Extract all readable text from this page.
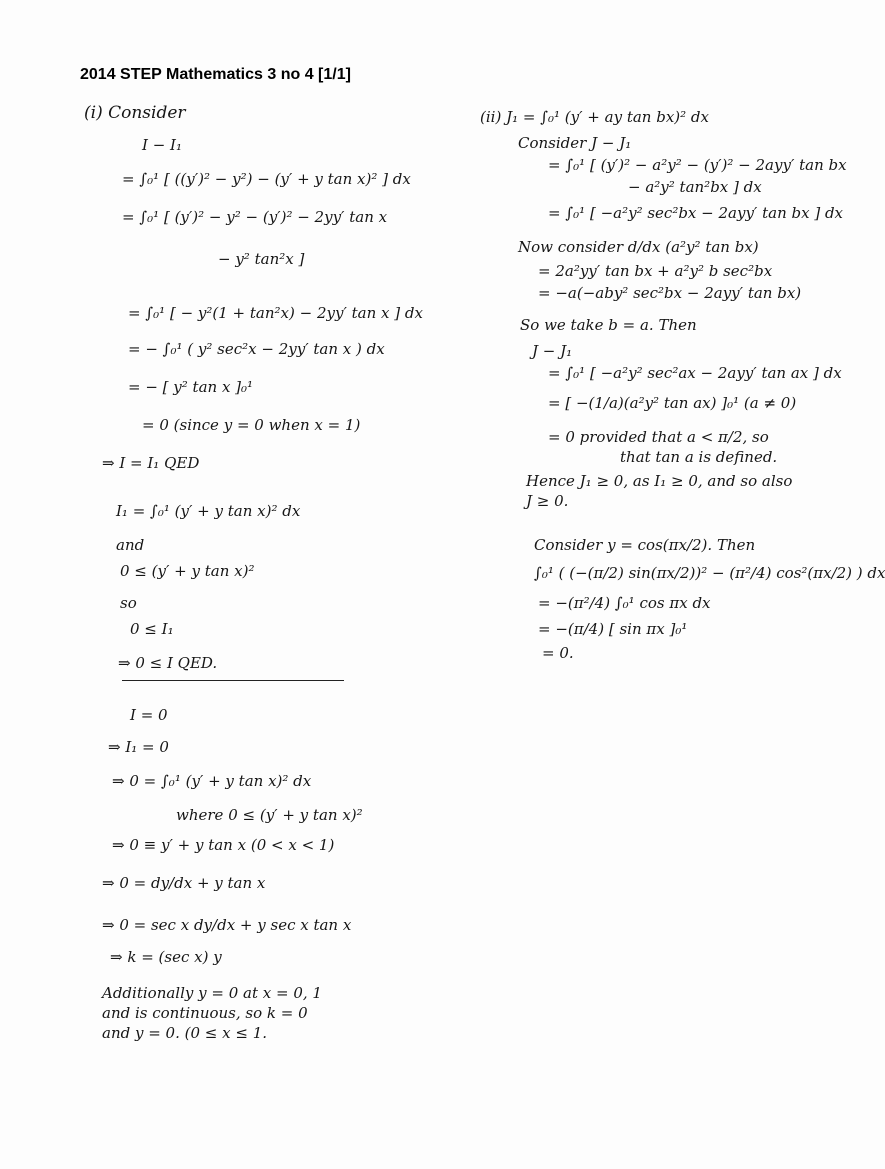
2014 STEP Mathematics 3 no 4 [1/1]
(i) Consider
I − I₁
= ∫₀¹ [ ((y′)² − y²) − (y′ + y tan x)² ] dx
= ∫₀¹ [ (y′)² − y² − (y′)² − 2yy′ tan x
− y² tan²x ]
= ∫₀¹ [ − y²(1 + tan²x) − 2yy′ tan x ] dx
= − ∫₀¹ ( y² sec²x − 2yy′ tan x ) dx
= − [ y² tan x ]₀¹
= 0 (since y = 0 when x = 1)
⇒ I = I₁ QED
I₁ = ∫₀¹ (y′ + y tan x)² dx
and
0 ≤ (y′ + y tan x)²
so
0 ≤ I₁
⇒ 0 ≤ I QED.
I = 0
⇒ I₁ = 0
⇒ 0 = ∫₀¹ (y′ + y tan x)² dx
where 0 ≤ (y′ + y tan x)²
⇒ 0 ≡ y′ + y tan x (0 < x < 1)
⇒ 0 = dy/dx + y tan x
⇒ 0 = sec x dy/dx + y sec x tan x
⇒ k = (sec x) y
Additionally y = 0 at x = 0, 1
and is continuous, so k = 0
and y = 0. (0 ≤ x ≤ 1.
(ii) J₁ = ∫₀¹ (y′ + ay tan bx)² dx
Consider J − J₁
= ∫₀¹ [ (y′)² − a²y² − (y′)² − 2ayy′ tan bx
− a²y² tan²bx ] dx
= ∫₀¹ [ −a²y² sec²bx − 2ayy′ tan bx ] dx
Now consider d/dx (a²y² tan bx)
= 2a²yy′ tan bx + a²y² b sec²bx
= −a(−aby² sec²bx − 2ayy′ tan bx)
So we take b = a. Then
J − J₁
= ∫₀¹ [ −a²y² sec²ax − 2ayy′ tan ax ] dx
= [ −(1/a)(a²y² tan ax) ]₀¹ (a ≠ 0)
= 0 provided that a < π/2, so
that tan a is defined.
Hence J₁ ≥ 0, as I₁ ≥ 0, and so also
J ≥ 0.
Consider y = cos(πx/2). Then
∫₀¹ ( (−(π/2) sin(πx/2))² − (π²/4) cos²(πx/2) ) dx
= −(π²/4) ∫₀¹ cos πx dx
= −(π/4) [ sin πx ]₀¹
= 0.
